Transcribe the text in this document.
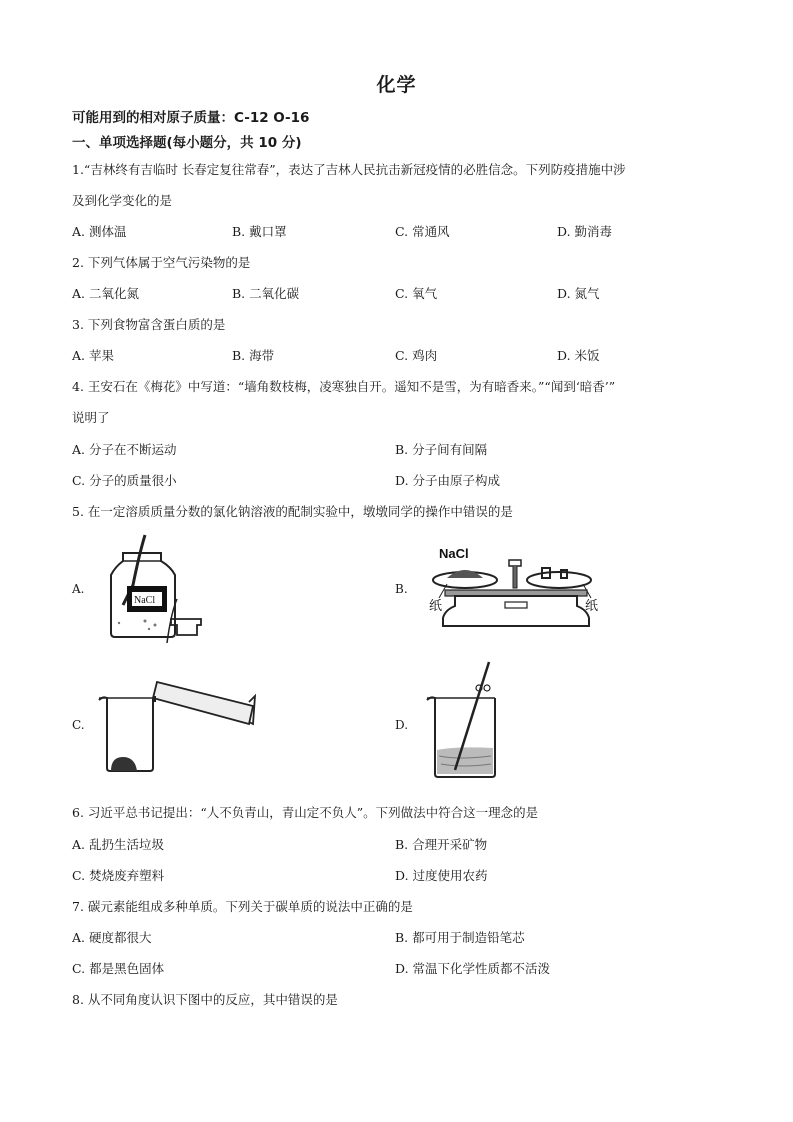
化学
可能用到的相对原子质量：C-12 O-16
一、单项选择题(每小题分，共 10 分)
1.“吉林终有吉临时 长春定复往常春”，表达了吉林人民抗击新冠疫情的必胜信念。下列防疫措施中涉
及到化学变化的是
A. 测体温	B. 戴口罩	C. 常通风	D. 勤消毒
2. 下列气体属于空气污染物的是
A. 二氧化氮	B. 二氧化碳	C. 氧气	D. 氮气
3. 下列食物富含蛋白质的是
A. 苹果	B. 海带	C. 鸡肉	D. 米饭
4. 王安石在《梅花》中写道：“墙角数枝梅，凌寒独自开。遥知不是雪，为有暗香来。”“闻到‘暗香’”
说明了
A. 分子在不断运动	B. 分子间有间隔
C. 分子的质量很小	D. 分子由原子构成
5. 在一定溶质质量分数的氯化钠溶液的配制实验中，墩墩同学的操作中错误的是
A.
NaCl
B.
NaCl
纸	纸
C.	D.
6. 习近平总书记提出：“人不负青山，青山定不负人”。下列做法中符合这一理念的是
A. 乱扔生活垃圾	B. 合理开采矿物
C. 焚烧废弃塑料	D. 过度使用农药
7. 碳元素能组成多种单质。下列关于碳单质的说法中正确的是
A. 硬度都很大	B. 都可用于制造铅笔芯
C. 都是黑色固体	D. 常温下化学性质都不活泼
8. 从不同角度认识下图中的反应，其中错误的是
